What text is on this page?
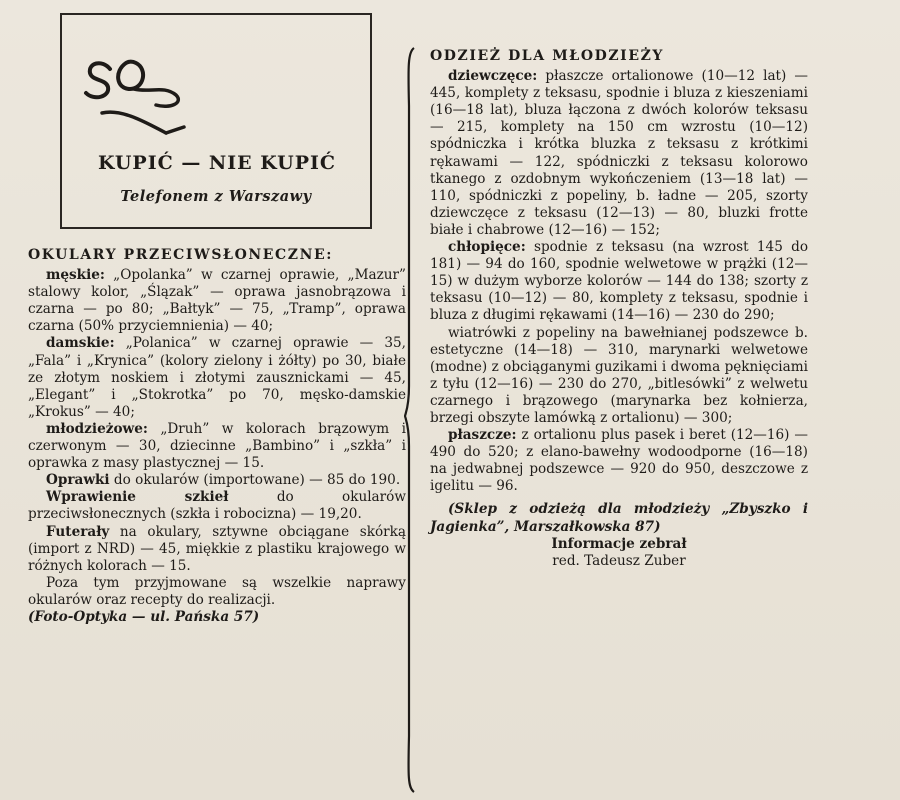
KUPIĆ — NIE KUPIĆ
Telefonem z Warszawy
OKULARY PRZECIWSŁONECZNE:

męskie: „Opolanka” w czarnej oprawie, „Mazur” stalowy kolor, „Ślązak” — oprawa jasnobrązowa i czarna — po 80; „Bałtyk” — 75, „Tramp”, oprawa czarna (50% przyciemnienia) — 40;

damskie: „Polanica” w czarnej oprawie — 35, „Fala” i „Krynica” (kolory zielony i żółty) po 30, białe ze złotym noskiem i złotymi zausznickami — 45, „Elegant” i „Stokrotka” po 70, męsko-damskie „Krokus” — 40;

młodzieżowe: „Druh” w kolorach brązowym i czerwonym — 30, dziecinne „Bambino” i „szkła” i oprawka z masy plastycznej — 15.

Oprawki do okularów (importowane) — 85 do 190.

Wprawienie szkieł do okularów przeciwsłonecznych (szkła i robocizna) — 19,20.

Futerały na okulary, sztywne obciągane skórką (import z NRD) — 45, miękkie z plastiku krajowego w różnych kolorach — 15.

Poza tym przyjmowane są wszelkie naprawy okularów oraz recepty do realizacji.

(Foto-Optyka — ul. Pańska 57)

ODZIEŻ DLA MŁODZIEŻY

dziewczęce: płaszcze ortalionowe (10—12 lat) — 445, komplety z teksasu, spodnie i bluza z kieszeniami (16—18 lat), bluza łączona z dwóch kolorów teksasu — 215, komplety na 150 cm wzrostu (10—12) spódniczka i krótka bluzka z teksasu z krótkimi rękawami — 122, spódniczki z teksasu kolorowo tkanego z ozdobnym wykończeniem (13—18 lat) — 110, spódniczki z popeliny, b. ładne — 205, szorty dziewczęce z teksasu (12—13) — 80, bluzki frotte białe i chabrowe (12—16) — 152;

chłopięce: spodnie z teksasu (na wzrost 145 do 181) — 94 do 160, spodnie welwetowe w prążki (12—15) w dużym wyborze kolorów — 144 do 138; szorty z teksasu (10—12) — 80, komplety z teksasu, spodnie i bluza z długimi rękawami (14—16) — 230 do 290;

wiatrówki z popeliny na bawełnianej podszewce b. estetyczne (14—18) — 310, marynarki welwetowe (modne) z obciąganymi guzikami i dwoma pęknięciami z tyłu (12—16) — 230 do 270, „bitlesówki” z welwetu czarnego i brązowego (marynarka bez kołnierza, brzegi obszyte lamówką z ortalionu) — 300;

płaszcze: z ortalionu plus pasek i beret (12—16) — 490 do 520; z elano-bawełny wodoodporne (16—18) na jedwabnej podszewce — 920 do 950, deszczowe z igelitu — 96.

(Sklep z odzieżą dla młodzieży „Zbyszko i Jagienka”, Marszałkowska 87)

Informacje zebrał

red. Tadeusz Zuber
